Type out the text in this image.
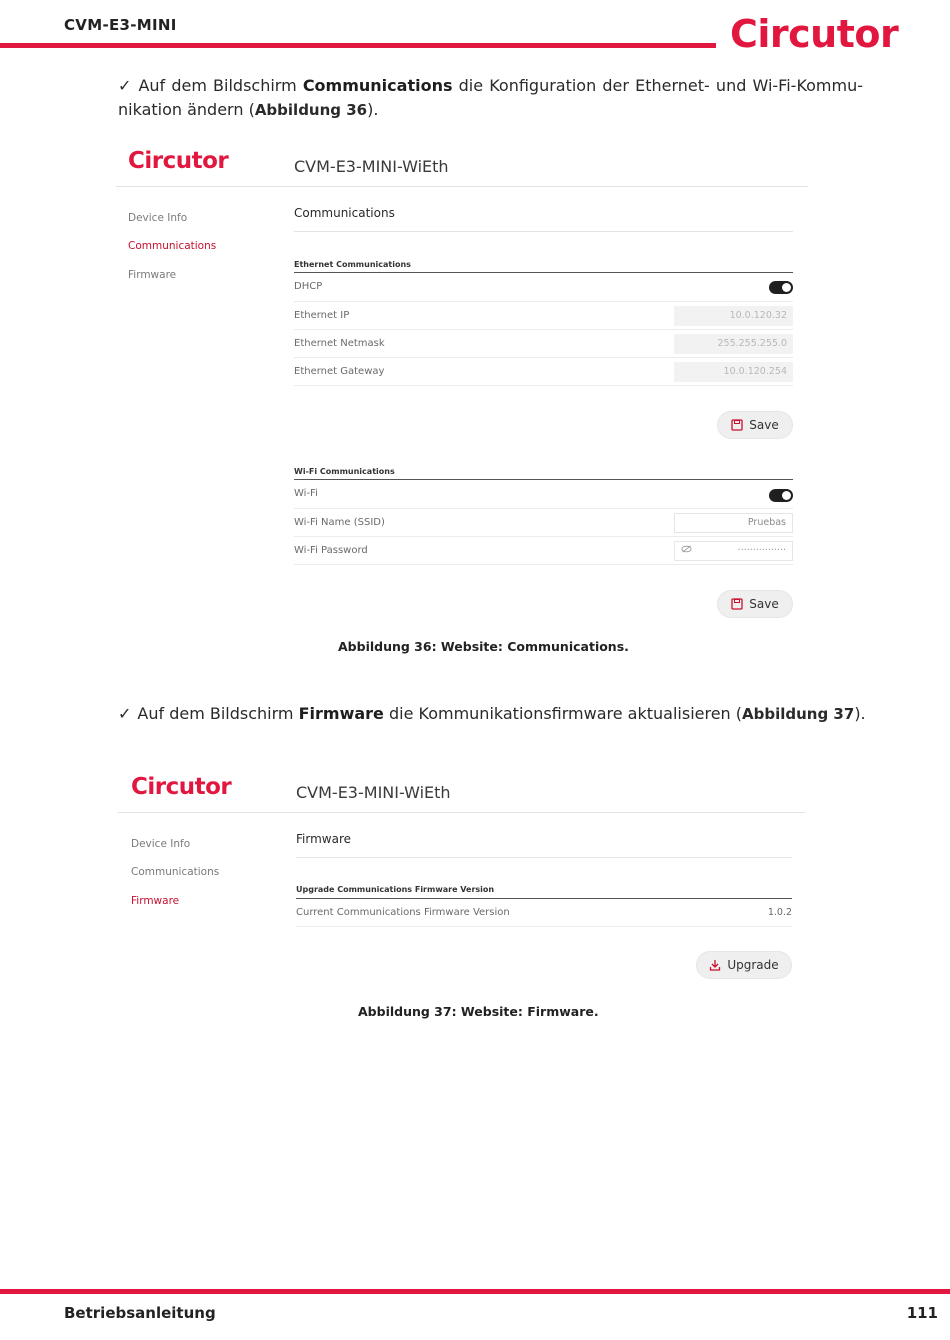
CVM-E3-MINI	Circutor
✓ Auf dem Bildschirm Communications die Konfiguration der Ethernet- und Wi-Fi-Kommu-
nikation ändern (Abbildung 36).
Circutor	CVM-E3-MINI-WiEth
Device Info
Communications
Firmware
Communications
Ethernet Communications
DHCP
Ethernet IP	10.0.120.32
Ethernet Netmask	255.255.255.0
Ethernet Gateway	10.0.120.254
Save
Wi-Fi Communications
Wi-Fi
Wi-Fi Name (SSID)	Pruebas
Wi-Fi Password	················
Save
Abbildung 36: Website: Communications.
✓ Auf dem Bildschirm Firmware die Kommunikationsfirmware aktualisieren (Abbildung 37).
Circutor	CVM-E3-MINI-WiEth
Device Info
Communications
Firmware
Firmware
Upgrade Communications Firmware Version
Current Communications Firmware Version	1.0.2
Upgrade
Abbildung 37: Website: Firmware.
Betriebsanleitung	111
